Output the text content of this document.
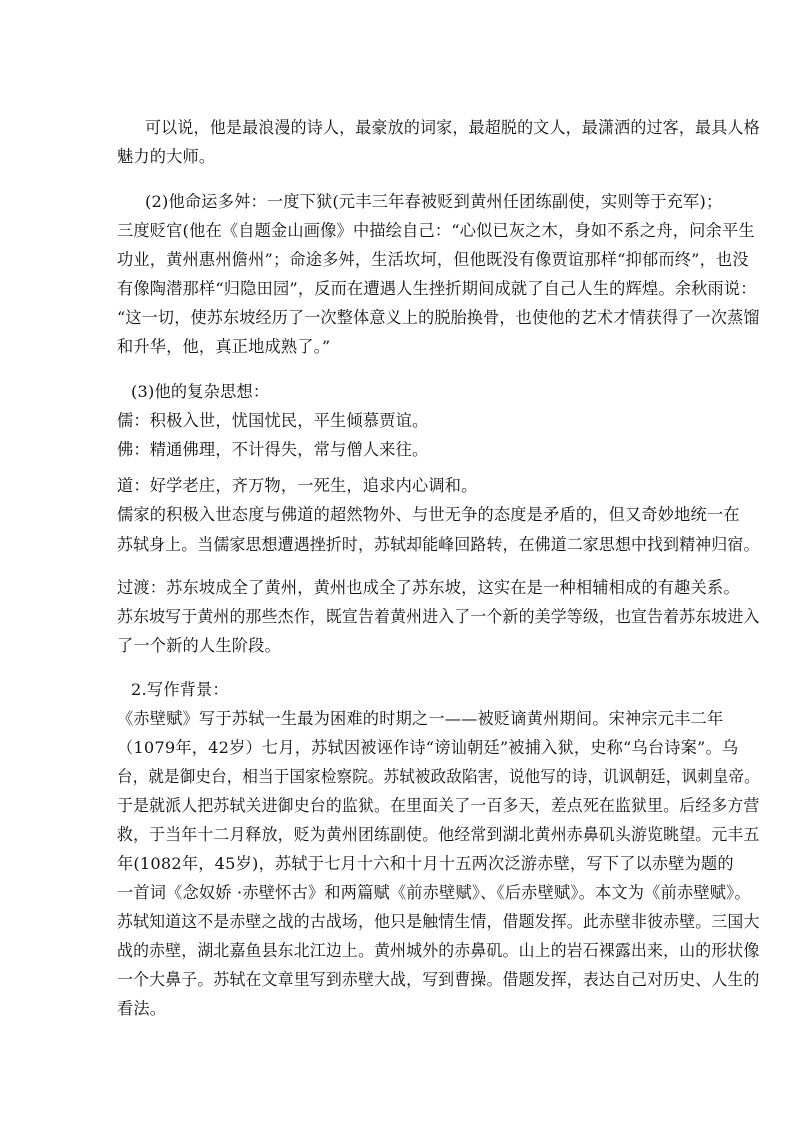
可以说，他是最浪漫的诗人，最豪放的词家，最超脱的文人，最潇洒的过客，最具人格
魅力的大师。
(2)他命运多舛：一度下狱(元丰三年春被贬到黄州任团练副使，实则等于充军)；
三度贬官(他在《自题金山画像》中描绘自己：“心似已灰之木，身如不系之舟，问余平生
功业，黄州惠州儋州”；命途多舛，生活坎坷，但他既没有像贾谊那样“抑郁而终”，也没
有像陶潜那样“归隐田园”，反而在遭遇人生挫折期间成就了自己人生的辉煌。余秋雨说：
“这一切，使苏东坡经历了一次整体意义上的脱胎换骨，也使他的艺术才情获得了一次蒸馏
和升华，他，真正地成熟了。”
(3)他的复杂思想：
儒：积极入世，忧国忧民，平生倾慕贾谊。
佛：精通佛理，不计得失，常与僧人来往。
道：好学老庄，齐万物，一死生，追求内心调和。
儒家的积极入世态度与佛道的超然物外、与世无争的态度是矛盾的，但又奇妙地统一在
苏轼身上。当儒家思想遭遇挫折时，苏轼却能峰回路转，在佛道二家思想中找到精神归宿。
过渡：苏东坡成全了黄州，黄州也成全了苏东坡，这实在是一种相辅相成的有趣关系。
苏东坡写于黄州的那些杰作，既宣告着黄州进入了一个新的美学等级，也宣告着苏东坡进入
了一个新的人生阶段。
2.写作背景：
《赤壁赋》写于苏轼一生最为困难的时期之一——被贬谪黄州期间。宋神宗元丰二年
（1079年，42岁）七月，苏轼因被诬作诗“谤讪朝廷”被捕入狱，史称“乌台诗案”。乌
台，就是御史台，相当于国家检察院。苏轼被政敌陷害，说他写的诗，讥讽朝廷，讽刺皇帝。
于是就派人把苏轼关进御史台的监狱。在里面关了一百多天，差点死在监狱里。后经多方营
救，于当年十二月释放，贬为黄州团练副使。他经常到湖北黄州赤鼻矶头游览眺望。元丰五
年(1082年，45岁)，苏轼于七月十六和十月十五两次泛游赤壁，写下了以赤壁为题的
一首词《念奴娇 ·赤壁怀古》和两篇赋《前赤壁赋》、《后赤壁赋》。本文为《前赤壁赋》。
苏轼知道这不是赤壁之战的古战场，他只是触情生情，借题发挥。此赤壁非彼赤壁。三国大
战的赤壁，湖北嘉鱼县东北江边上。黄州城外的赤鼻矶。山上的岩石裸露出来，山的形状像
一个大鼻子。苏轼在文章里写到赤壁大战，写到曹操。借题发挥，表达自己对历史、人生的
看法。
